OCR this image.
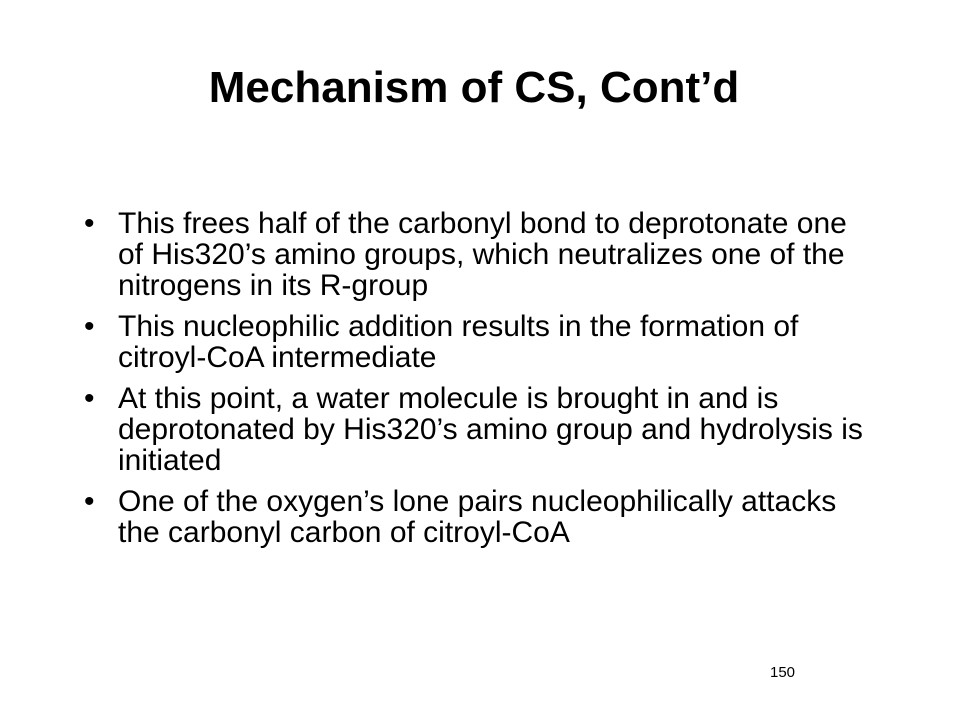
Mechanism of CS, Cont’d
• This frees half of the carbonyl bond to deprotonate one of His320’s amino groups, which neutralizes one of the nitrogens in its R-group
• This nucleophilic addition results in the formation of citroyl-CoA intermediate
• At this point, a water molecule is brought in and is deprotonated by His320’s amino group and hydrolysis is initiated
• One of the oxygen’s lone pairs nucleophilically attacks the carbonyl carbon of citroyl-CoA
150
